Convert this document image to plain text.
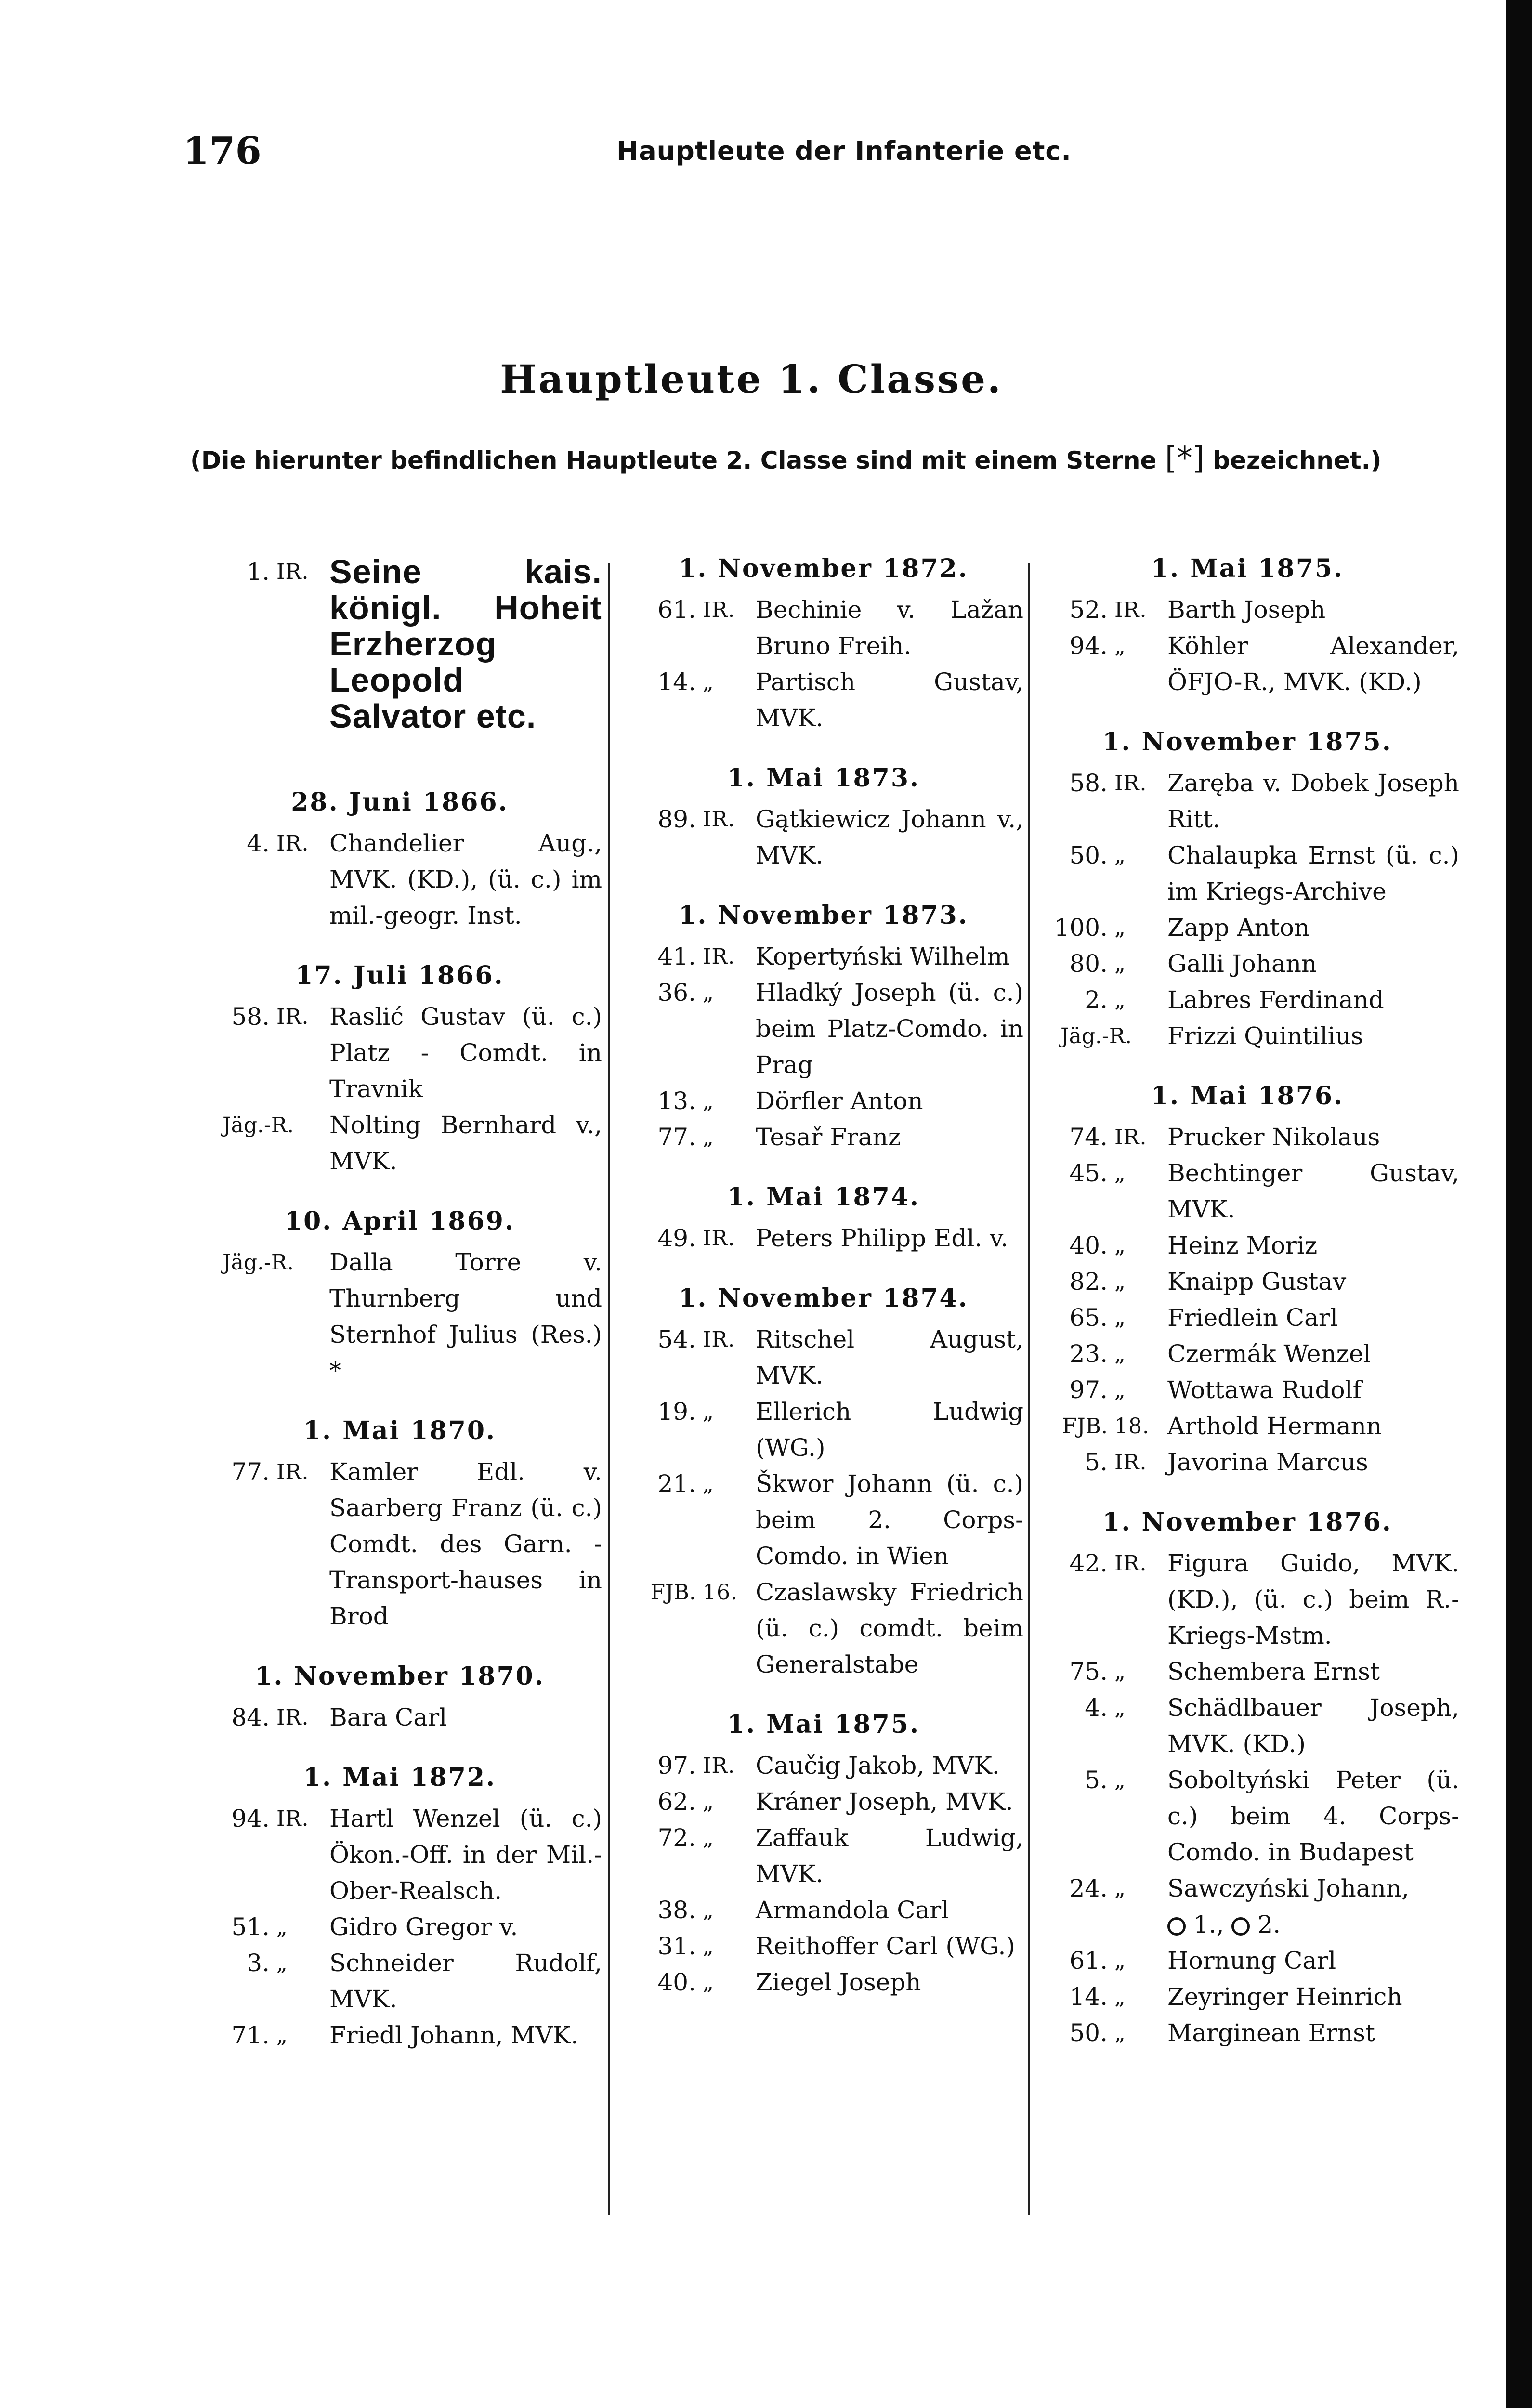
176	Hauptleute der Infanterie etc.
Hauptleute 1. Classe.
(Die hierunter befindlichen Hauptleute 2. Classe sind mit einem Sterne [*] bezeichnet.)
1. IR. Seine kais. königl. Hoheit Erzherzog Leopold Salvator etc.
28. Juni 1866.
4. IR. Chandelier Aug., MVK. (KD.), (ü. c.) im mil.-geogr. Inst.
17. Juli 1866.
58. IR. Raslić Gustav (ü. c.) Platz - Comdt. in Travnik
Jäg.-R.	Nolting Bernhard v., MVK.
10. April 1869.
Jäg.-R.	Dalla Torre v. Thurnberg und Sternhof Julius (Res.) *
1. Mai 1870.
77. IR. Kamler Edl. v. Saarberg Franz (ü. c.) Comdt. des Garn. - Transport-hauses in Brod
1. November 1870.
84. IR. Bara Carl
1. Mai 1872.
94. IR. Hartl Wenzel (ü. c.) Ökon.-Off. in der Mil.-Ober-Realsch.
51. „	Gidro Gregor v.
3. „	Schneider Rudolf, MVK.
71. „	Friedl Johann, MVK.
1. November 1872.
61. IR. Bechinie v. Lažan Bruno Freih.
14. „	Partisch Gustav, MVK.
1. Mai 1873.
89. IR. Gątkiewicz Johann v., MVK.
1. November 1873.
41. IR. Kopertyński Wilhelm
36. „	Hladký Joseph (ü. c.) beim Platz-Comdo. in Prag
13. „	Dörfler Anton
77. „	Tesař Franz
1. Mai 1874.
49. IR. Peters Philipp Edl. v.
1. November 1874.
54. IR. Ritschel August, MVK.
19. „	Ellerich Ludwig (WG.)
21. „	Škwor Johann (ü. c.) beim 2. Corps-Comdo. in Wien
FJB. 16. Czaslawsky Friedrich (ü. c.) comdt. beim Generalstabe
1. Mai 1875.
97. IR. Caučig Jakob, MVK.
62. „	Kráner Joseph, MVK.
72. „	Zaffauk Ludwig, MVK.
38. „	Armandola Carl
31. „	Reithoffer Carl (WG.)
40. „	Ziegel Joseph
1. Mai 1875.
52. IR. Barth Joseph
94. „	Köhler Alexander, ÖFJO-R., MVK. (KD.)
1. November 1875.
58. IR. Zaręba v. Dobek Joseph Ritt.
50. „	Chalaupka Ernst (ü. c.) im Kriegs-Archive
100. „	Zapp Anton
80. „	Galli Johann
2. „	Labres Ferdinand
Jäg.-R.	Frizzi Quintilius
1. Mai 1876.
74. IR. Prucker Nikolaus
45. „	Bechtinger Gustav, MVK.
40. „	Heinz Moriz
82. „	Knaipp Gustav
65. „	Friedlein Carl
23. „	Czermák Wenzel
97. „	Wottawa Rudolf
FJB. 18. Arthold Hermann
5. IR. Javorina Marcus
1. November 1876.
42. IR. Figura Guido, MVK. (KD.), (ü. c.) beim R.-Kriegs-Mstm.
75. „	Schembera Ernst
4. „	Schädlbauer Joseph, MVK. (KD.)
5. „	Soboltyński Peter (ü. c.) beim 4. Corps-Comdo. in Budapest
24. „	Sawczyński Johann,
1., 2.
61. „	Hornung Carl
14. „	Zeyringer Heinrich
50. „	Marginean Ernst
